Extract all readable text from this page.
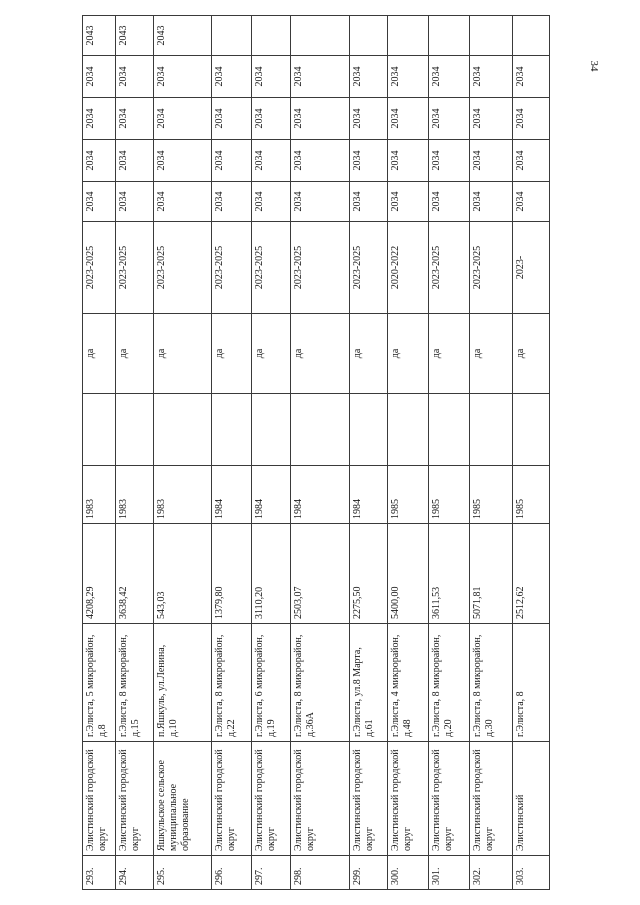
34
293.	Элистинский городской округ	г.Элиста, 5 микрорайон, д.8	4208,29	1983		да	2023-2025	2034	2034	2034	2034	2043
294.	Элистинский городской округ	г.Элиста, 8 микрорайон, д.15	3638,42	1983		да	2023-2025	2034	2034	2034	2034	2043
295.	Яшкульское сельское муниципальное образование	п.Яшкуль, ул.Ленина, д.10	543,03	1983		да	2023-2025	2034	2034	2034	2034	2043
296.	Элистинский городской округ	г.Элиста, 8 микрорайон, д.22	1379,80	1984		да	2023-2025	2034	2034	2034	2034	
297.	Элистинский городской округ	г.Элиста, 6 микрорайон, д.19	3110,20	1984		да	2023-2025	2034	2034	2034	2034	
298.	Элистинский городской округ	г.Элиста, 8 микрорайон, д.36А	2503,07	1984		да	2023-2025	2034	2034	2034	2034	
299.	Элистинский городской округ	г.Элиста, ул.8 Марта, д.61	2275,50	1984		да	2023-2025	2034	2034	2034	2034	
300.	Элистинский городской округ	г.Элиста, 4 микрорайон, д.48	5400,00	1985		да	2020-2022	2034	2034	2034	2034	
301.	Элистинский городской округ	г.Элиста, 8 микрорайон, д.20	3611,53	1985		да	2023-2025	2034	2034	2034	2034	
302.	Элистинский городской округ	г.Элиста, 8 микрорайон, д.30	5071,81	1985		да	2023-2025	2034	2034	2034	2034	
303.	Элистинский	г.Элиста, 8	2512,62	1985		да	2023-	2034	2034	2034	2034	
